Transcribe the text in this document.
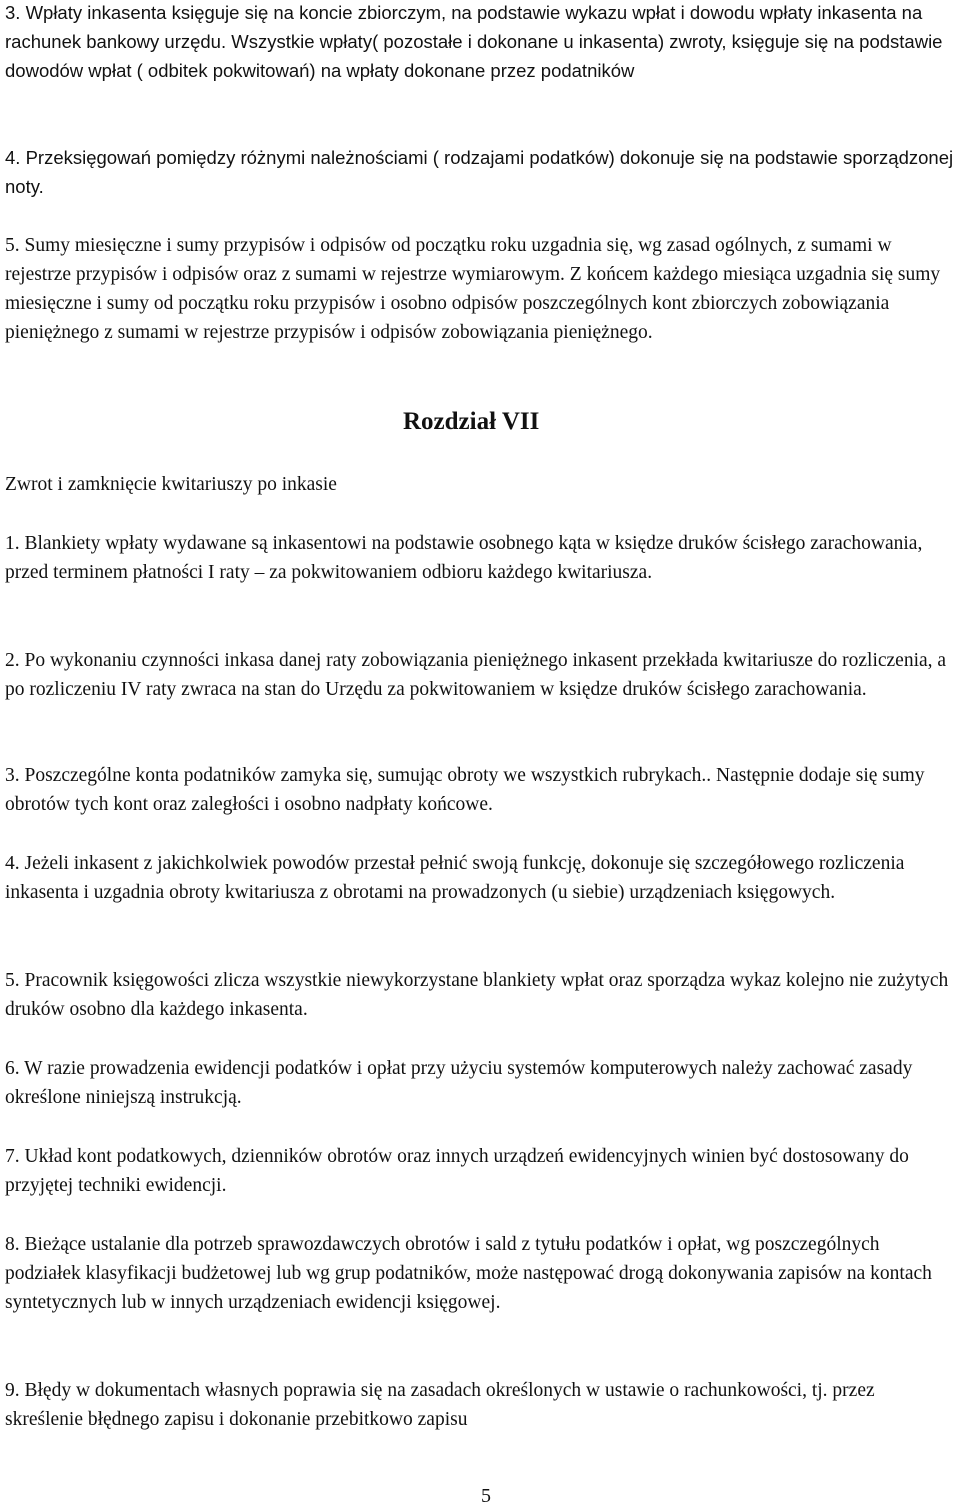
3. Wpłaty inkasenta księguje się na koncie zbiorczym, na podstawie wykazu wpłat i dowodu wpłaty inkasenta na rachunek bankowy urzędu. Wszystkie wpłaty( pozostałe i dokonane u inkasenta) zwroty, księguje się na podstawie dowodów wpłat ( odbitek pokwitowań) na wpłaty dokonane przez podatników

4. Przeksięgowań pomiędzy różnymi należnościami ( rodzajami podatków) dokonuje się na podstawie sporządzonej noty.

5. Sumy miesięczne i sumy przypisów i odpisów od początku roku uzgadnia się, wg zasad ogólnych, z sumami w rejestrze przypisów i odpisów oraz z sumami w rejestrze wymiarowym. Z końcem każdego miesiąca uzgadnia się sumy miesięczne i sumy od początku roku przypisów i osobno odpisów poszczególnych kont zbiorczych zobowiązania pieniężnego z sumami w rejestrze przypisów i odpisów zobowiązania pieniężnego.

Rozdział VII
Zwrot i zamknięcie kwitariuszy po inkasie

1. Blankiety wpłaty wydawane są inkasentowi na podstawie osobnego kąta w księdze druków ścisłego zarachowania, przed terminem płatności I raty – za pokwitowaniem odbioru każdego kwitariusza.

2. Po wykonaniu czynności inkasa danej raty zobowiązania pieniężnego inkasent przekłada kwitariusze do rozliczenia, a po rozliczeniu IV raty zwraca na stan do Urzędu za pokwitowaniem w księdze druków ścisłego zarachowania.

3. Poszczególne konta podatników zamyka się, sumując obroty we wszystkich rubrykach.. Następnie dodaje się sumy obrotów tych kont oraz zaległości i osobno nadpłaty końcowe.

4. Jeżeli inkasent z jakichkolwiek powodów przestał pełnić swoją funkcję, dokonuje się szczegółowego rozliczenia inkasenta i uzgadnia obroty kwitariusza z obrotami na prowadzonych (u siebie) urządzeniach księgowych.

5. Pracownik księgowości zlicza wszystkie niewykorzystane blankiety wpłat oraz sporządza wykaz kolejno nie zużytych druków osobno dla każdego inkasenta.

6. W razie prowadzenia ewidencji podatków i opłat przy użyciu systemów komputerowych należy zachować zasady określone niniejszą instrukcją.

7. Układ kont podatkowych, dzienników obrotów oraz innych urządzeń ewidencyjnych winien być dostosowany do przyjętej techniki ewidencji.

8. Bieżące ustalanie dla potrzeb sprawozdawczych obrotów i sald z tytułu podatków i opłat, wg poszczególnych podziałek klasyfikacji budżetowej lub wg grup podatników, może następować drogą dokonywania zapisów na kontach syntetycznych lub w innych urządzeniach ewidencji księgowej.

9. Błędy w dokumentach własnych poprawia się na zasadach określonych w ustawie o rachunkowości, tj. przez skreślenie błędnego zapisu i dokonanie przebitkowo zapisu

5
